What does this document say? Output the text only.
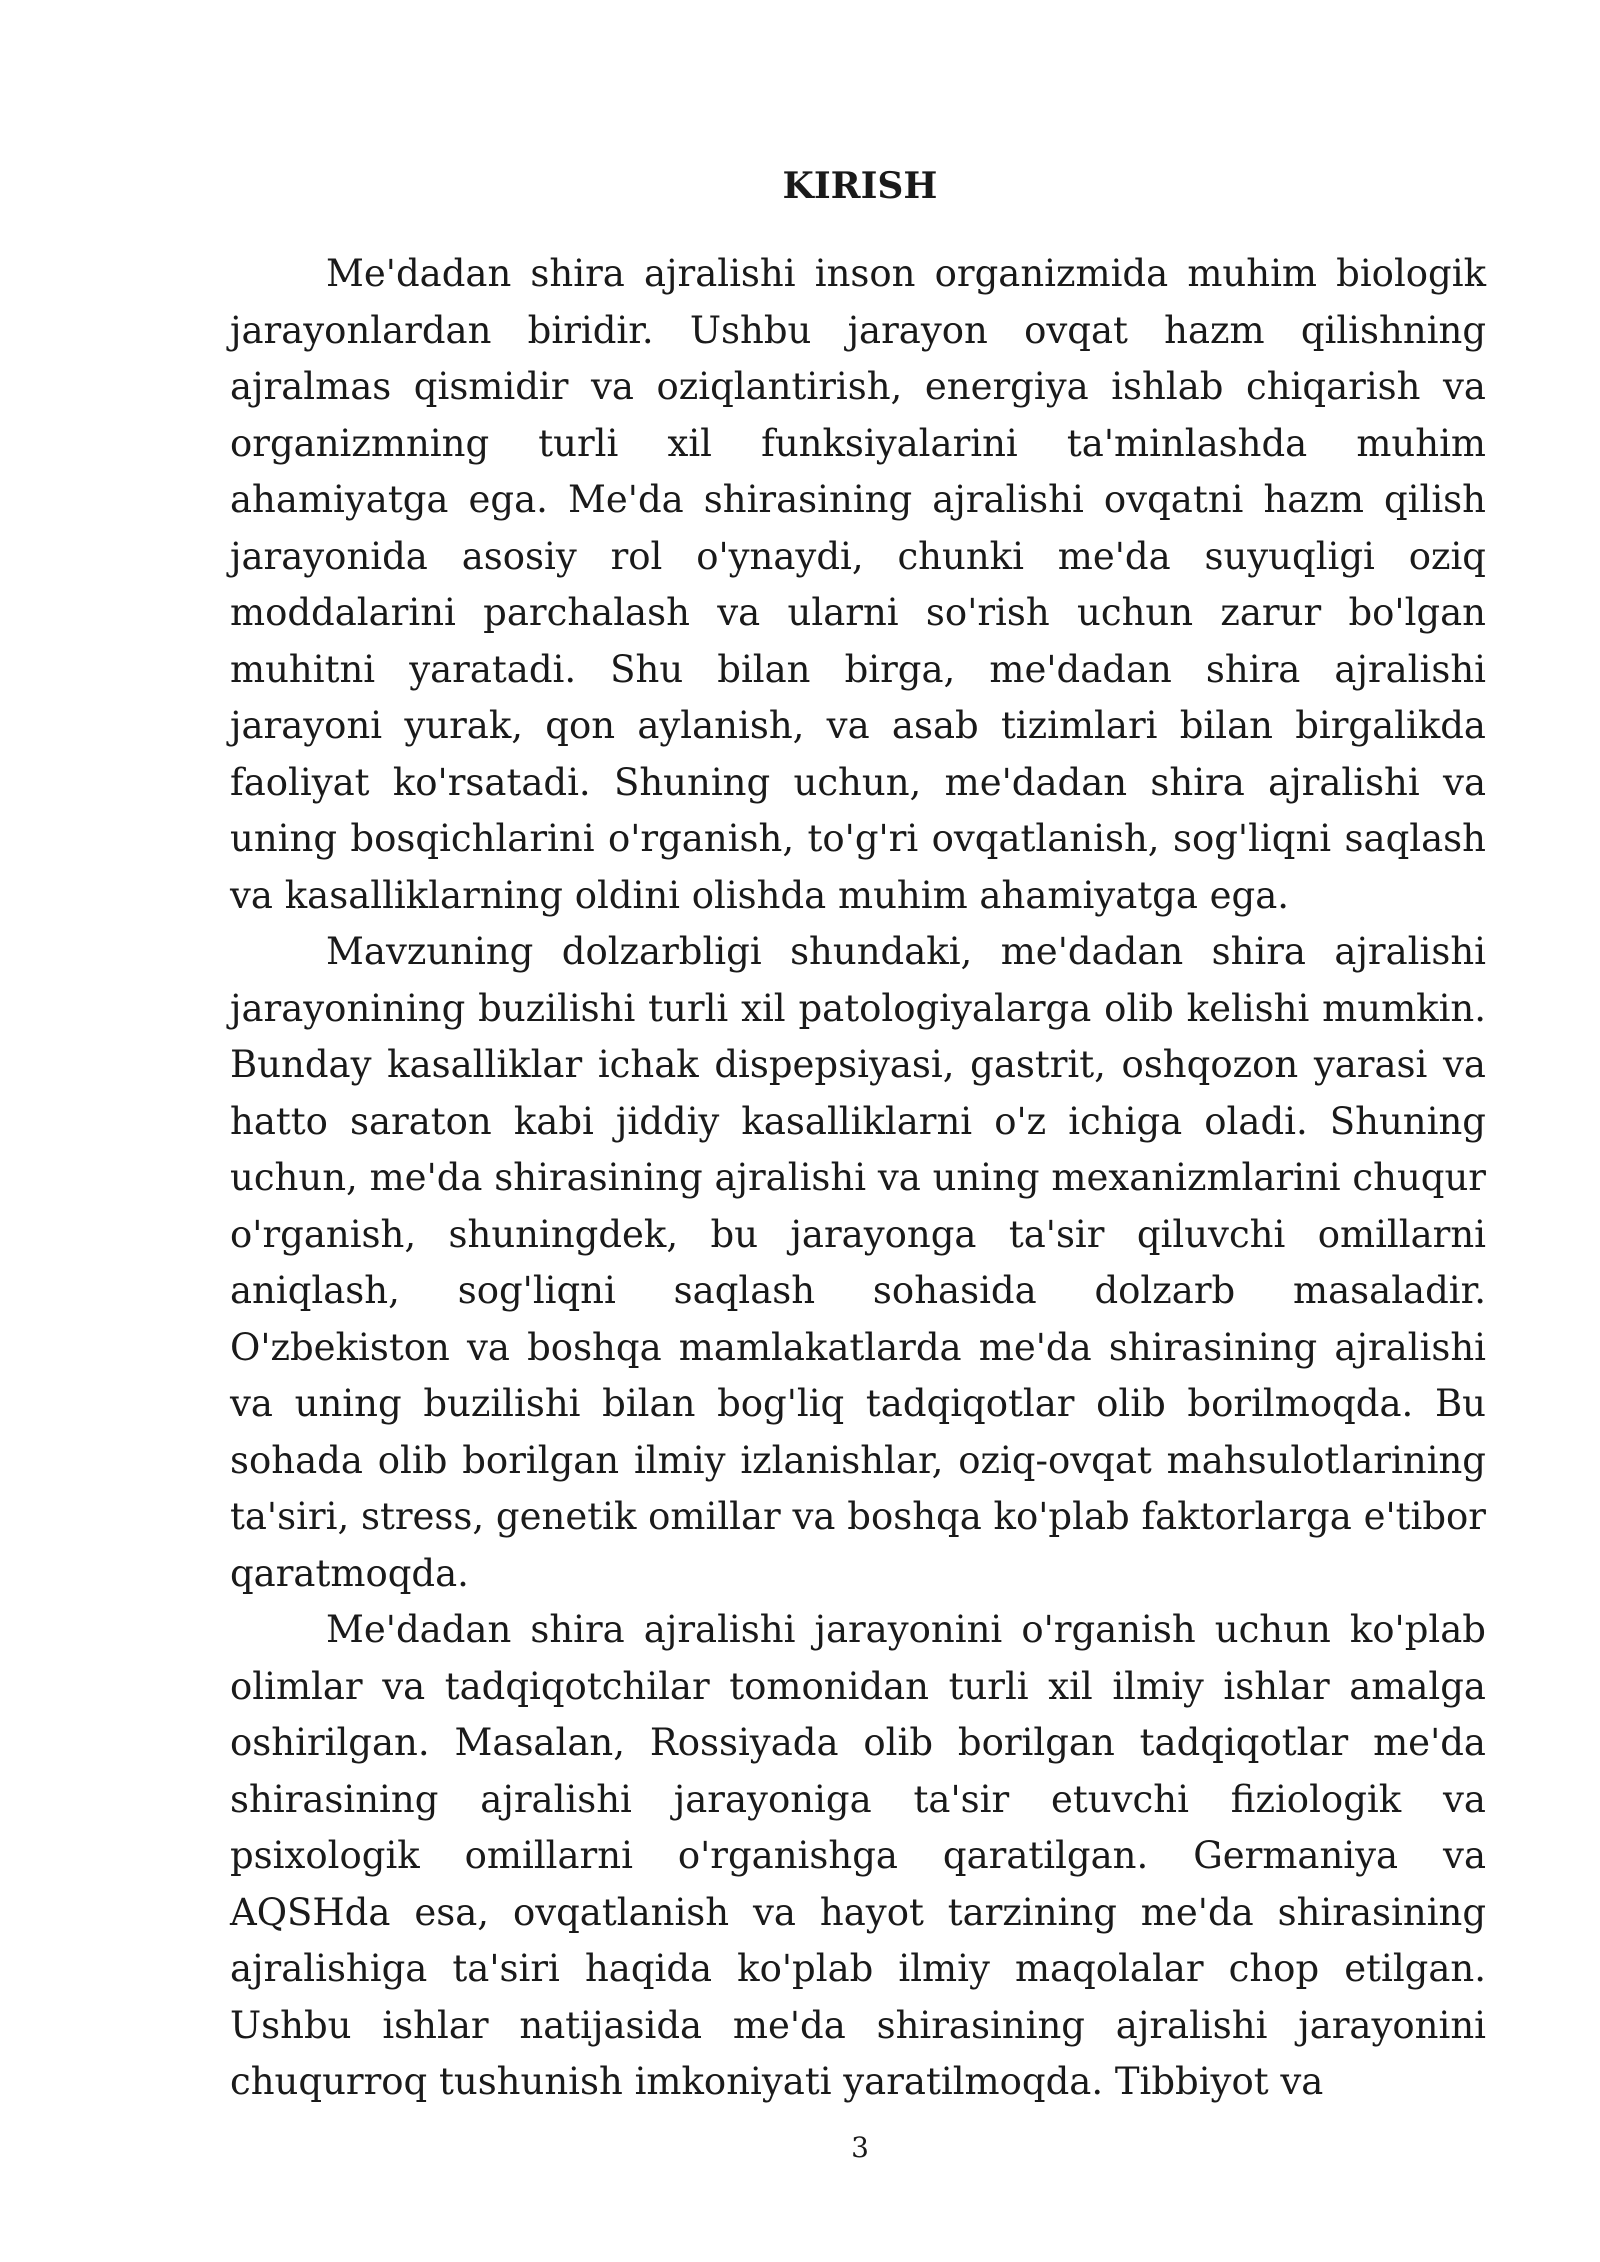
KIRISH

Me'dadan shira ajralishi inson organizmida muhim biologik jarayonlardan biridir. Ushbu jarayon ovqat hazm qilishning ajralmas qismidir va oziqlantirish, energiya ishlab chiqarish va organizmning turli xil funksiyalarini ta'minlashda muhim ahamiyatga ega. Me'da shirasining ajralishi ovqatni hazm qilish jarayonida asosiy rol o'ynaydi, chunki me'da suyuqligi oziq moddalarini parchalash va ularni so'rish uchun zarur bo'lgan muhitni yaratadi. Shu bilan birga, me'dadan shira ajralishi jarayoni yurak, qon aylanish, va asab tizimlari bilan birgalikda faoliyat ko'rsatadi. Shuning uchun, me'dadan shira ajralishi va uning bosqichlarini o'rganish, to'g'ri ovqatlanish, sog'liqni saqlash va kasalliklarning oldini olishda muhim ahamiyatga ega.

Mavzuning dolzarbligi shundaki, me'dadan shira ajralishi jarayonining buzilishi turli xil patologiyalarga olib kelishi mumkin. Bunday kasalliklar ichak dispepsiyasi, gastrit, oshqozon yarasi va hatto saraton kabi jiddiy kasalliklarni o'z ichiga oladi. Shuning uchun, me'da shirasining ajralishi va uning mexanizmlarini chuqur o'rganish, shuningdek, bu jarayonga ta'sir qiluvchi omillarni aniqlash, sog'liqni saqlash sohasida dolzarb masaladir. O'zbekiston va boshqa mamlakatlarda me'da shirasining ajralishi va uning buzilishi bilan bog'liq tadqiqotlar olib borilmoqda. Bu sohada olib borilgan ilmiy izlanishlar, oziq-ovqat mahsulotlarining ta'siri, stress, genetik omillar va boshqa ko'plab faktorlarga e'tibor qaratmoqda.

Me'dadan shira ajralishi jarayonini o'rganish uchun ko'plab olimlar va tadqiqotchilar tomonidan turli xil ilmiy ishlar amalga oshirilgan. Masalan, Rossiyada olib borilgan tadqiqotlar me'da shirasining ajralishi jarayoniga ta'sir etuvchi fiziologik va psixologik omillarni o'rganishga qaratilgan. Germaniya va AQSHda esa, ovqatlanish va hayot tarzining me'da shirasining ajralishiga ta'siri haqida ko'plab ilmiy maqolalar chop etilgan. Ushbu ishlar natijasida me'da shirasining ajralishi jarayonini chuqurroq tushunish imkoniyati yaratilmoqda. Tibbiyot va

3
